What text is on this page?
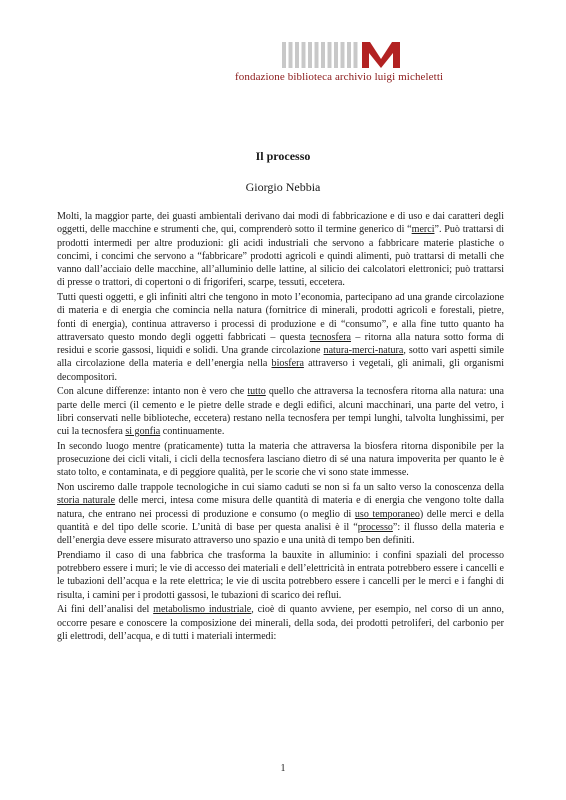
fondazione biblioteca archivio luigi micheletti
Il processo
Giorgio Nebbia

Molti, la maggior parte, dei guasti ambientali derivano dai modi di fabbricazione e di uso e dai caratteri degli oggetti, delle macchine e strumenti che, qui, comprenderò sotto il termine generico di “merci”. Può trattarsi di prodotti intermedi per altre produzioni: gli acidi industriali che servono a fabbricare materie plastiche o concimi, i concimi che servono a “fabbricare” prodotti agricoli e quindi alimenti, può trattarsi di metalli che vanno dall’acciaio delle macchine, all’alluminio delle lattine, al silicio dei calcolatori elettronici; può trattarsi di presse o trattori, di copertoni o di frigoriferi, scarpe, tessuti, eccetera.

Tutti questi oggetti, e gli infiniti altri che tengono in moto l’economia, partecipano ad una grande circolazione di materia e di energia che comincia nella natura (fornitrice di minerali, prodotti agricoli e forestali, pietre, fonti di energia), continua attraverso i processi di produzione e di “consumo”, e alla fine tutto quanto ha attraversato questo mondo degli oggetti fabbricati – questa tecnosfera – ritorna alla natura sotto forma di residui e scorie gassosi, liquidi e solidi. Una grande circolazione natura-merci-natura, sotto vari aspetti simile alla circolazione della materia e dell’energia nella biosfera attraverso i vegetali, gli animali, gli organismi decompositori.

Con alcune differenze: intanto non è vero che tutto quello che attraversa la tecnosfera ritorna alla natura: una parte delle merci (il cemento e le pietre delle strade e degli edifici, alcuni macchinari, una parte del vetro, i libri conservati nelle biblioteche, eccetera) restano nella tecnosfera per tempi lunghi, talvolta lunghissimi, per cui la tecnosfera si gonfia continuamente.

In secondo luogo mentre (praticamente) tutta la materia che attraversa la biosfera ritorna disponibile per la prosecuzione dei cicli vitali, i cicli della tecnosfera lasciano dietro di sé una natura impoverita per quanto le è stato tolto, e contaminata, e di peggiore qualità, per le scorie che vi sono state immesse.

Non usciremo dalle trappole tecnologiche in cui siamo caduti se non si fa un salto verso la conoscenza della storia naturale delle merci, intesa come misura delle quantità di materia e di energia che vengono tolte dalla natura, che entrano nei processi di produzione e consumo (o meglio di uso temporaneo) delle merci e della quantità e del tipo delle scorie. L’unità di base per questa analisi è il “processo”: il flusso della materia e dell’energia deve essere misurato attraverso uno spazio e una unità di tempo ben definiti.

Prendiamo il caso di una fabbrica che trasforma la bauxite in alluminio: i confini spaziali del processo potrebbero essere i muri; le vie di accesso dei materiali e dell’elettricità in entrata potrebbero essere i cancelli e le tubazioni dell’acqua e la rete elettrica; le vie di uscita potrebbero essere i cancelli per le merci e i fanghi di risulta, i camini per i prodotti gassosi, le tubazioni di scarico dei reflui.

Ai fini dell’analisi del metabolismo industriale, cioè di quanto avviene, per esempio, nel corso di un anno, occorre pesare e conoscere la composizione dei minerali, della soda, dei prodotti petroliferi, del carbonio per gli elettrodi, dell’acqua, e di tutti i materiali intermedi:

1
